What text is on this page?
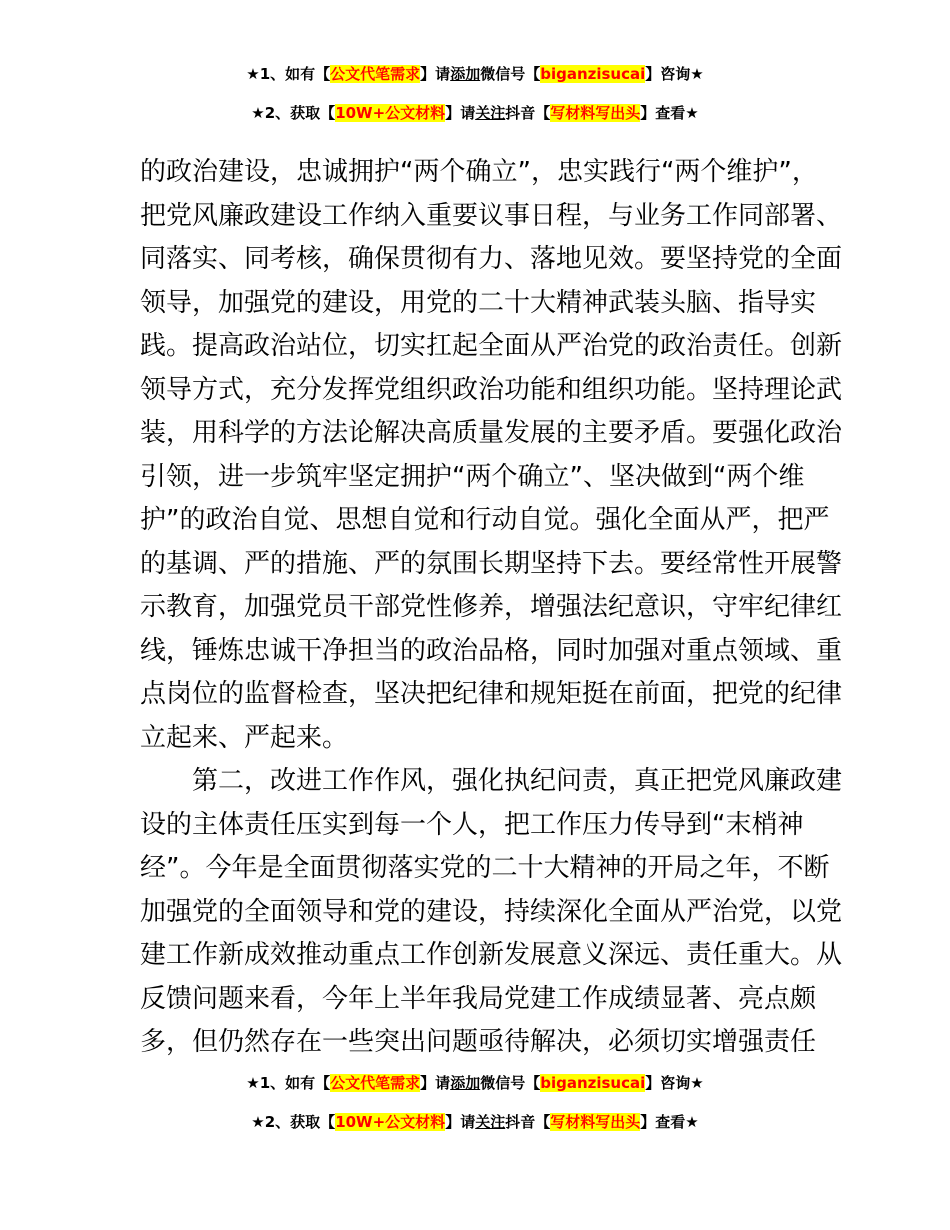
★1、如有【公文代笔需求】请添加微信号【biganzisucai】咨询★
★2、获取【10W+公文材料】请关注抖音【写材料写出头】查看★
的政治建设，忠诚拥护“两个确立”，忠实践行“两个维护”，
把党风廉政建设工作纳入重要议事日程，与业务工作同部署、
同落实、同考核，确保贯彻有力、落地见效。要坚持党的全面
领导，加强党的建设，用党的二十大精神武装头脑、指导实
践。提高政治站位，切实扛起全面从严治党的政治责任。创新
领导方式，充分发挥党组织政治功能和组织功能。坚持理论武
装，用科学的方法论解决高质量发展的主要矛盾。要强化政治
引领，进一步筑牢坚定拥护“两个确立”、坚决做到“两个维
护”的政治自觉、思想自觉和行动自觉。强化全面从严，把严
的基调、严的措施、严的氛围长期坚持下去。要经常性开展警
示教育，加强党员干部党性修养，增强法纪意识，守牢纪律红
线，锤炼忠诚干净担当的政治品格，同时加强对重点领域、重
点岗位的监督检查，坚决把纪律和规矩挺在前面，把党的纪律
立起来、严起来。
第二，改进工作作风，强化执纪问责，真正把党风廉政建
设的主体责任压实到每一个人，把工作压力传导到“末梢神
经”。今年是全面贯彻落实党的二十大精神的开局之年，不断
加强党的全面领导和党的建设，持续深化全面从严治党，以党
建工作新成效推动重点工作创新发展意义深远、责任重大。从
反馈问题来看，今年上半年我局党建工作成绩显著、亮点颇
多，但仍然存在一些突出问题亟待解决，必须切实增强责任
★1、如有【公文代笔需求】请添加微信号【biganzisucai】咨询★
★2、获取【10W+公文材料】请关注抖音【写材料写出头】查看★
